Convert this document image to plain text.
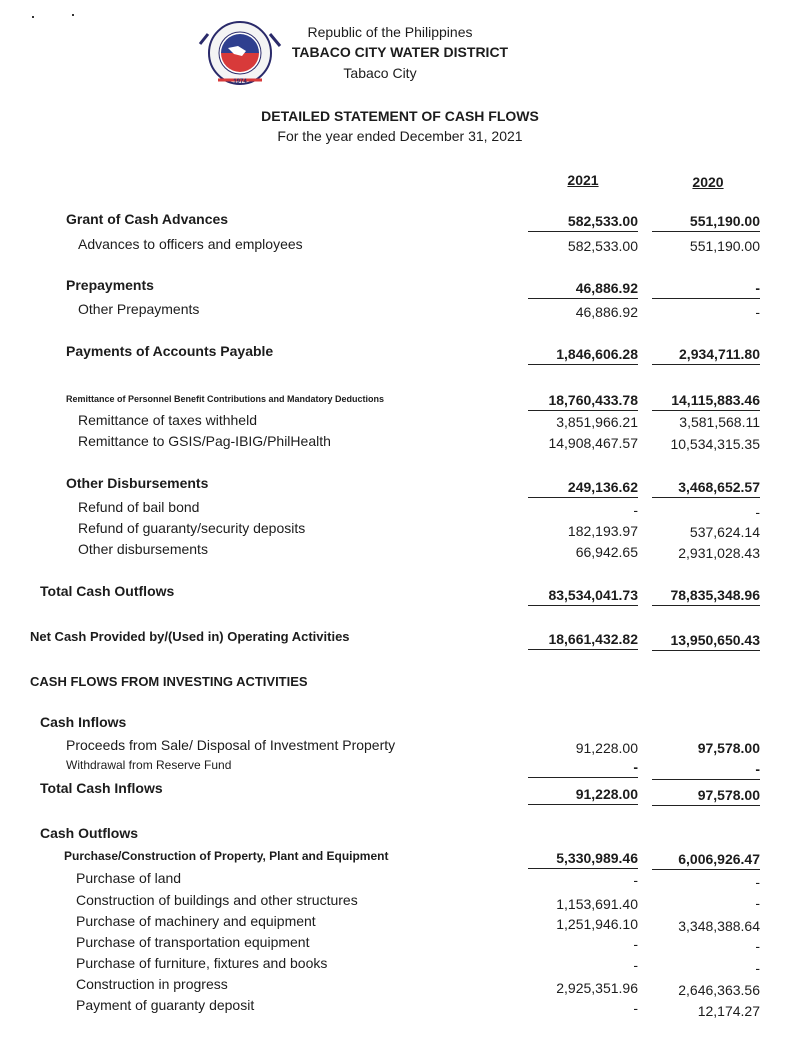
1974
Republic of the Philippines
TABACO CITY WATER DISTRICT
Tabaco City
DETAILED STATEMENT OF CASH FLOWS
For the year ended December 31, 2021
2021	2020
Grant of Cash Advances	582,533.00	551,190.00
Advances to officers and employees	582,533.00	551,190.00
Prepayments	46,886.92	-
Other Prepayments	46,886.92	-
Payments of Accounts Payable	1,846,606.28	2,934,711.80
Remittance of Personnel Benefit Contributions and Mandatory Deductions	18,760,433.78	14,115,883.46
Remittance of taxes withheld	3,851,966.21	3,581,568.11
Remittance to GSIS/Pag-IBIG/PhilHealth	14,908,467.57	10,534,315.35
Other Disbursements	249,136.62	3,468,652.57
Refund of bail bond	-	-
Refund of guaranty/security deposits	182,193.97	537,624.14
Other disbursements	66,942.65	2,931,028.43
Total Cash Outflows	83,534,041.73	78,835,348.96
Net Cash Provided by/(Used in) Operating Activities	18,661,432.82	13,950,650.43
CASH FLOWS FROM INVESTING ACTIVITIES
Cash Inflows
Proceeds from Sale/ Disposal of Investment Property	91,228.00	97,578.00
Withdrawal from Reserve Fund	-	-
Total Cash Inflows	91,228.00	97,578.00
Cash Outflows
Purchase/Construction of Property, Plant and Equipment	5,330,989.46	6,006,926.47
Purchase of land	-	-
Construction of buildings and other structures	1,153,691.40	-
Purchase of machinery and equipment	1,251,946.10	3,348,388.64
Purchase of transportation equipment	-	-
Purchase of furniture, fixtures and books	-	-
Construction in progress	2,925,351.96	2,646,363.56
Payment of guaranty deposit	-	12,174.27
